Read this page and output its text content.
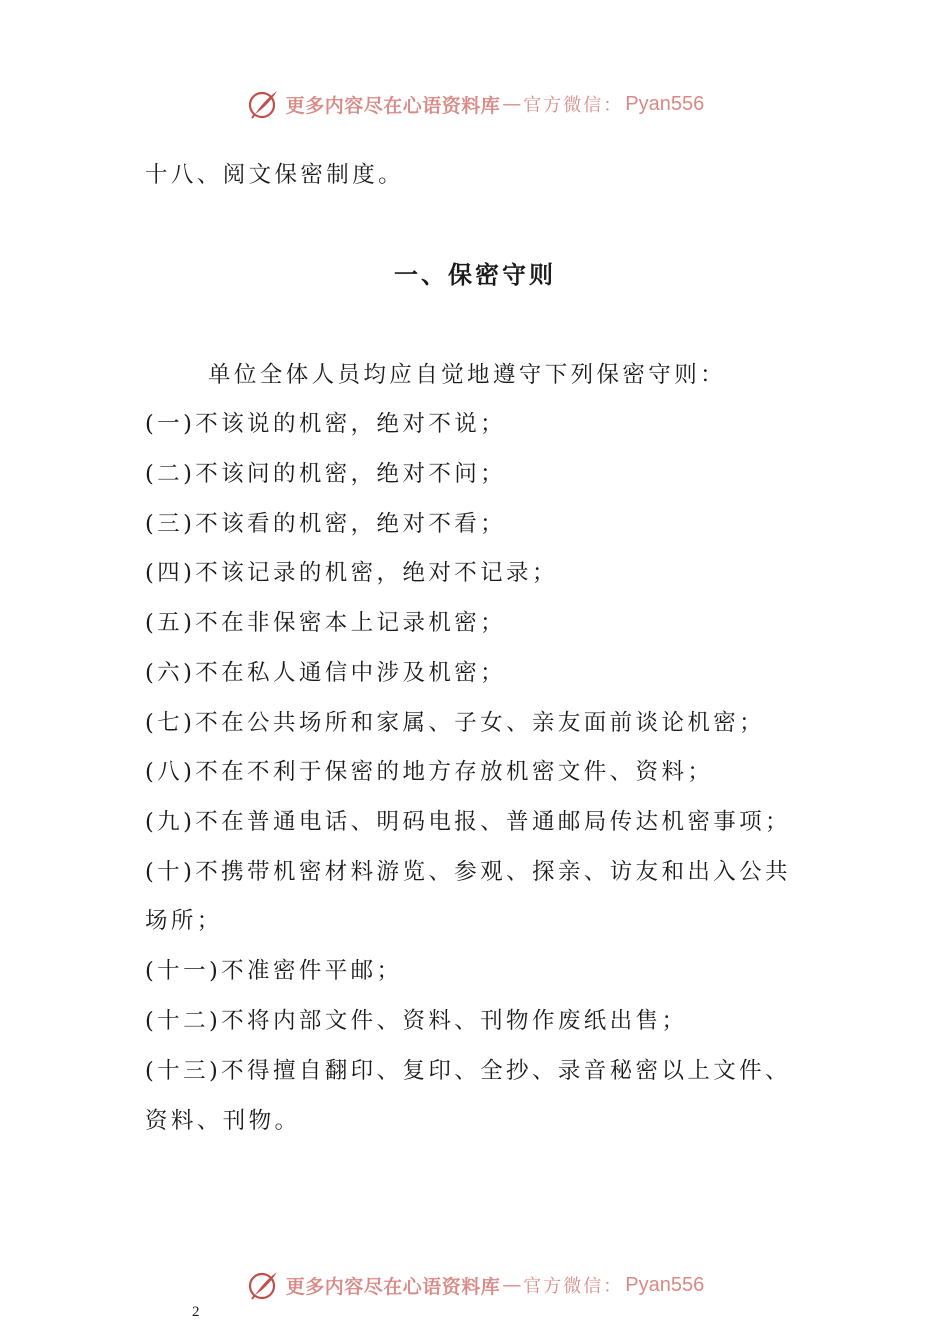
更多内容尽在心语资料库 — 官方微信： Pyan556
十八、阅文保密制度。
一、保密守则
单位全体人员均应自觉地遵守下列保密守则：
(一)不该说的机密，绝对不说；
(二)不该问的机密，绝对不问；
(三)不该看的机密，绝对不看；
(四)不该记录的机密，绝对不记录；
(五)不在非保密本上记录机密；
(六)不在私人通信中涉及机密；
(七)不在公共场所和家属、子女、亲友面前谈论机密；
(八)不在不利于保密的地方存放机密文件、资料；
(九)不在普通电话、明码电报、普通邮局传达机密事项；
(十)不携带机密材料游览、参观、探亲、访友和出入公共
场所；
(十一)不准密件平邮；
(十二)不将内部文件、资料、刊物作废纸出售；
(十三)不得擅自翻印、复印、全抄、录音秘密以上文件、
资料、刊物。
更多内容尽在心语资料库 — 官方微信： Pyan556
2
